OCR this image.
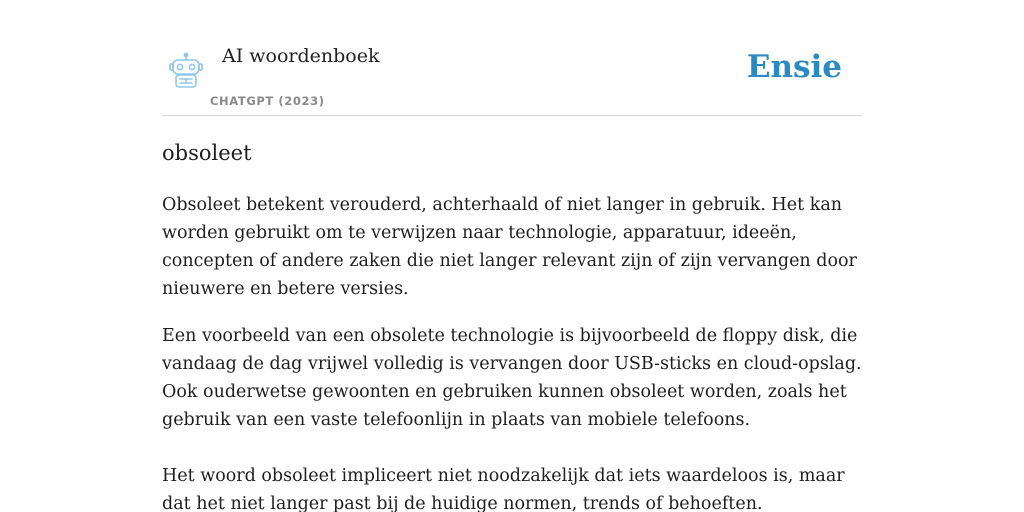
AI woordenboek
CHATGPT (2023)
Ensie
obsoleet

Obsoleet betekent verouderd, achterhaald of niet langer in gebruik. Het kan worden gebruikt om te verwijzen naar technologie, apparatuur, ideeën, concepten of andere zaken die niet langer relevant zijn of zijn vervangen door nieuwere en betere versies.

Een voorbeeld van een obsolete technologie is bijvoorbeeld de floppy disk, die vandaag de dag vrijwel volledig is vervangen door USB-sticks en cloud-opslag. Ook ouderwetse gewoonten en gebruiken kunnen obsoleet worden, zoals het gebruik van een vaste telefoonlijn in plaats van mobiele telefoons.

Het woord obsoleet impliceert niet noodzakelijk dat iets waardeloos is, maar dat het niet langer past bij de huidige normen, trends of behoeften.
